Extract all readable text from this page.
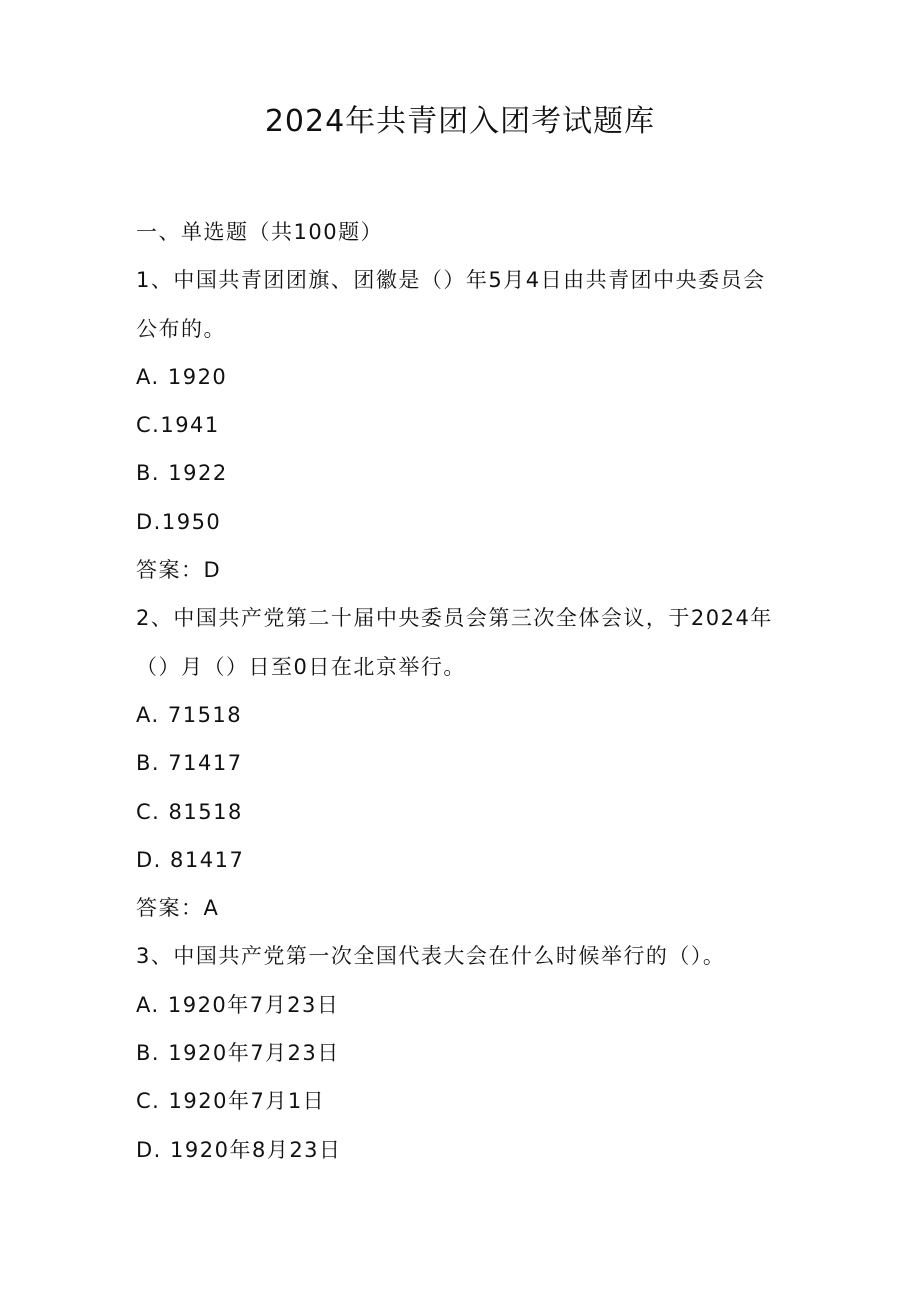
2024年共青团入团考试题库
一、单选题（共100题）
1、中国共青团团旗、团徽是（）年5月4日由共青团中央委员会
公布的。
A. 1920
C.1941
B. 1922
D.1950
答案：D
2、中国共产党第二十届中央委员会第三次全体会议，于2024年
（）月（）日至0日在北京举行。
A. 71518
B. 71417
C. 81518
D. 81417
答案：A
3、中国共产党第一次全国代表大会在什么时候举行的（）。
A. 1920年7月23日
B. 1920年7月23日
C. 1920年7月1日
D. 1920年8月23日
